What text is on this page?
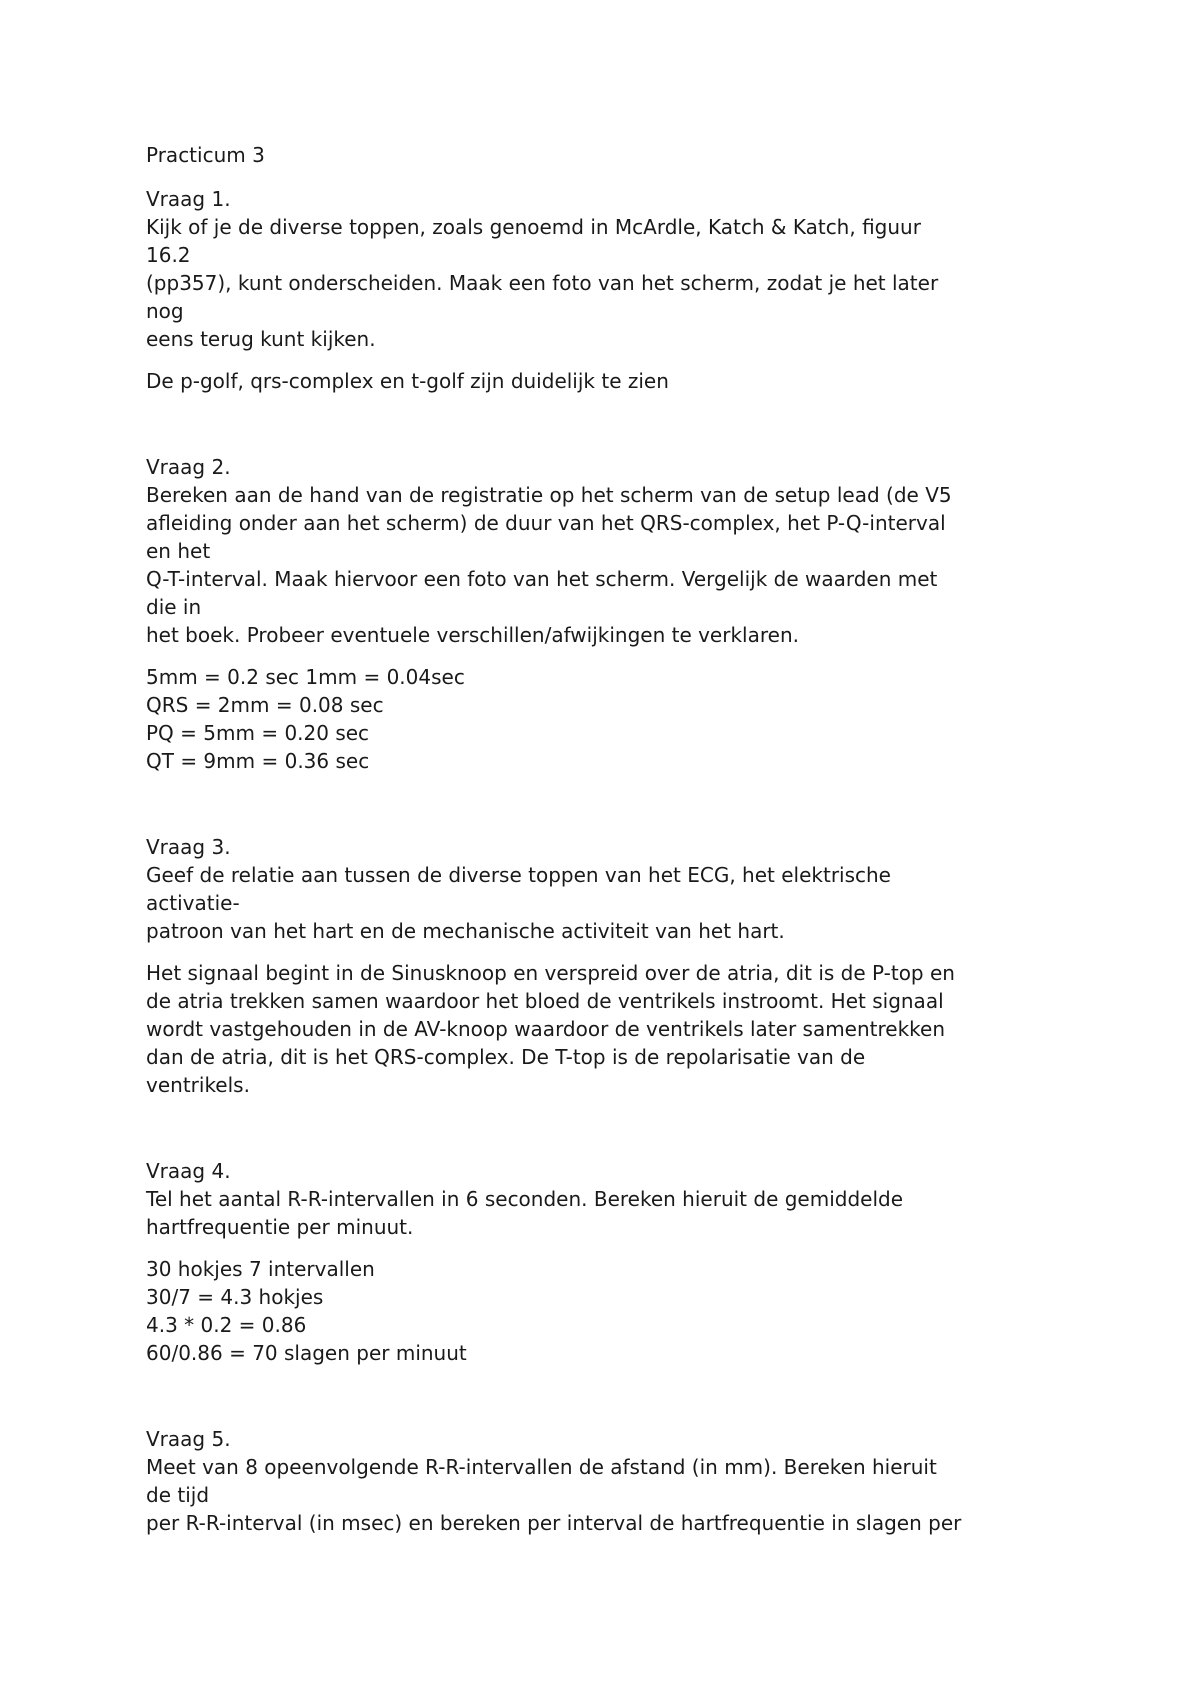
Practicum 3
Vraag 1.
Kijk of je de diverse toppen, zoals genoemd in McArdle, Katch & Katch, figuur
16.2
(pp357), kunt onderscheiden. Maak een foto van het scherm, zodat je het later
nog
eens terug kunt kijken.
De p-golf, qrs-complex en t-golf zijn duidelijk te zien
Vraag 2.
Bereken aan de hand van de registratie op het scherm van de setup lead (de V5
afleiding onder aan het scherm) de duur van het QRS-complex, het P-Q-interval
en het
Q-T-interval. Maak hiervoor een foto van het scherm. Vergelijk de waarden met
die in
het boek. Probeer eventuele verschillen/afwijkingen te verklaren.
5mm = 0.2 sec 1mm = 0.04sec
QRS = 2mm = 0.08 sec
PQ = 5mm = 0.20 sec
QT = 9mm = 0.36 sec
Vraag 3.
Geef de relatie aan tussen de diverse toppen van het ECG, het elektrische
activatie-
patroon van het hart en de mechanische activiteit van het hart.
Het signaal begint in de Sinusknoop en verspreid over de atria, dit is de P-top en
de atria trekken samen waardoor het bloed de ventrikels instroomt. Het signaal
wordt vastgehouden in de AV-knoop waardoor de ventrikels later samentrekken
dan de atria, dit is het QRS-complex. De T-top is de repolarisatie van de
ventrikels.
Vraag 4.
Tel het aantal R-R-intervallen in 6 seconden. Bereken hieruit de gemiddelde
hartfrequentie per minuut.
30 hokjes 7 intervallen
30/7 = 4.3 hokjes
4.3 * 0.2 = 0.86
60/0.86 = 70 slagen per minuut
Vraag 5.
Meet van 8 opeenvolgende R-R-intervallen de afstand (in mm). Bereken hieruit
de tijd
per R-R-interval (in msec) en bereken per interval de hartfrequentie in slagen per
